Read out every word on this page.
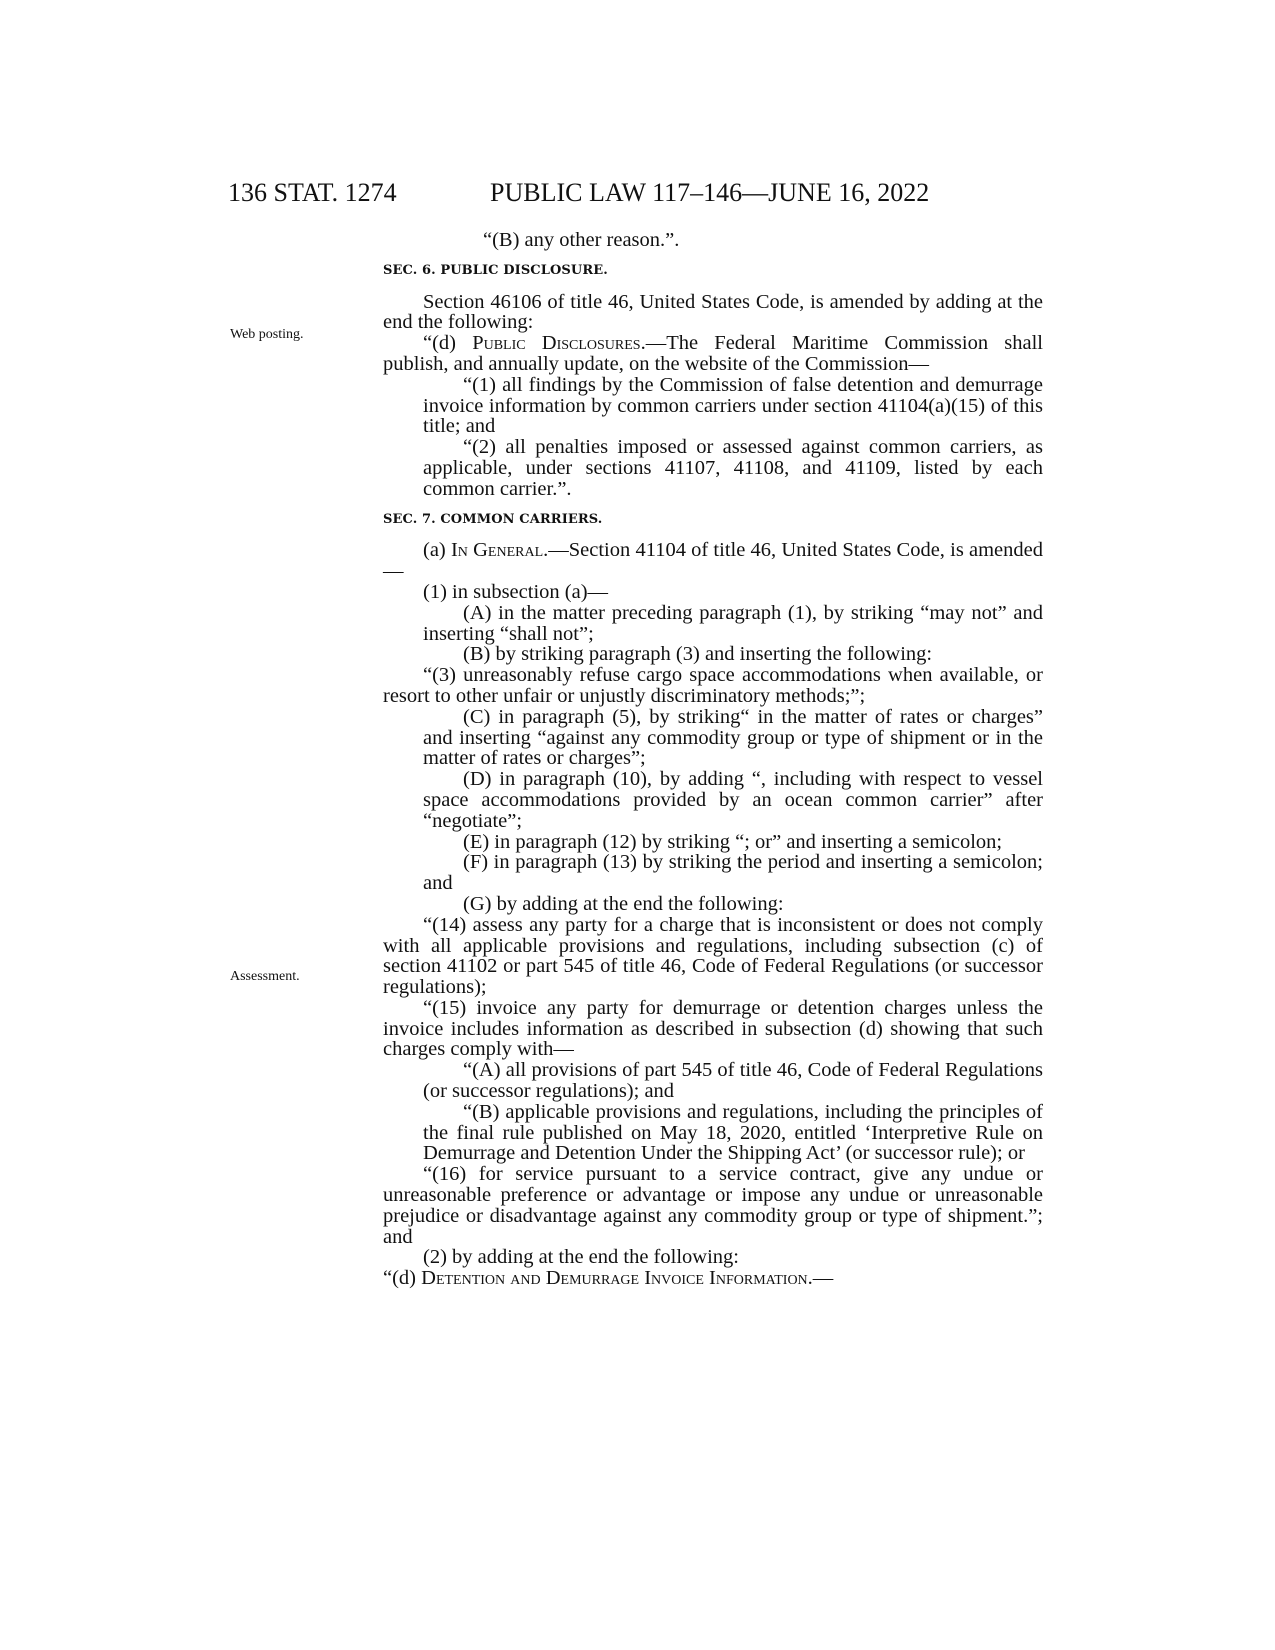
136 STAT. 1274	PUBLIC LAW 117–146—JUNE 16, 2022
Web posting.
Assessment.

“(B) any other reason.”.

SEC. 6. PUBLIC DISCLOSURE.

Section 46106 of title 46, United States Code, is amended by adding at the end the following:

“(d) Public Disclosures.—The Federal Maritime Commission shall publish, and annually update, on the website of the Commission—

“(1) all findings by the Commission of false detention and demurrage invoice information by common carriers under section 41104(a)(15) of this title; and

“(2) all penalties imposed or assessed against common carriers, as applicable, under sections 41107, 41108, and 41109, listed by each common carrier.”.

SEC. 7. COMMON CARRIERS.

(a) In General.—Section 41104 of title 46, United States Code, is amended—

(1) in subsection (a)—

(A) in the matter preceding paragraph (1), by striking “may not” and inserting “shall not”;

(B) by striking paragraph (3) and inserting the following:

“(3) unreasonably refuse cargo space accommodations when available, or resort to other unfair or unjustly discriminatory methods;”;

(C) in paragraph (5), by striking“ in the matter of rates or charges” and inserting “against any commodity group or type of shipment or in the matter of rates or charges”;

(D) in paragraph (10), by adding “, including with respect to vessel space accommodations provided by an ocean common carrier” after “negotiate”;

(E) in paragraph (12) by striking “; or” and inserting a semicolon;

(F) in paragraph (13) by striking the period and inserting a semicolon; and

(G) by adding at the end the following:

“(14) assess any party for a charge that is inconsistent or does not comply with all applicable provisions and regulations, including subsection (c) of section 41102 or part 545 of title 46, Code of Federal Regulations (or successor regulations);

“(15) invoice any party for demurrage or detention charges unless the invoice includes information as described in subsection (d) showing that such charges comply with—

“(A) all provisions of part 545 of title 46, Code of Federal Regulations (or successor regulations); and

“(B) applicable provisions and regulations, including the principles of the final rule published on May 18, 2020, entitled ‘Interpretive Rule on Demurrage and Detention Under the Shipping Act’ (or successor rule); or

“(16) for service pursuant to a service contract, give any undue or unreasonable preference or advantage or impose any undue or unreasonable prejudice or disadvantage against any commodity group or type of shipment.”; and

(2) by adding at the end the following:

“(d) Detention and Demurrage Invoice Information.—
